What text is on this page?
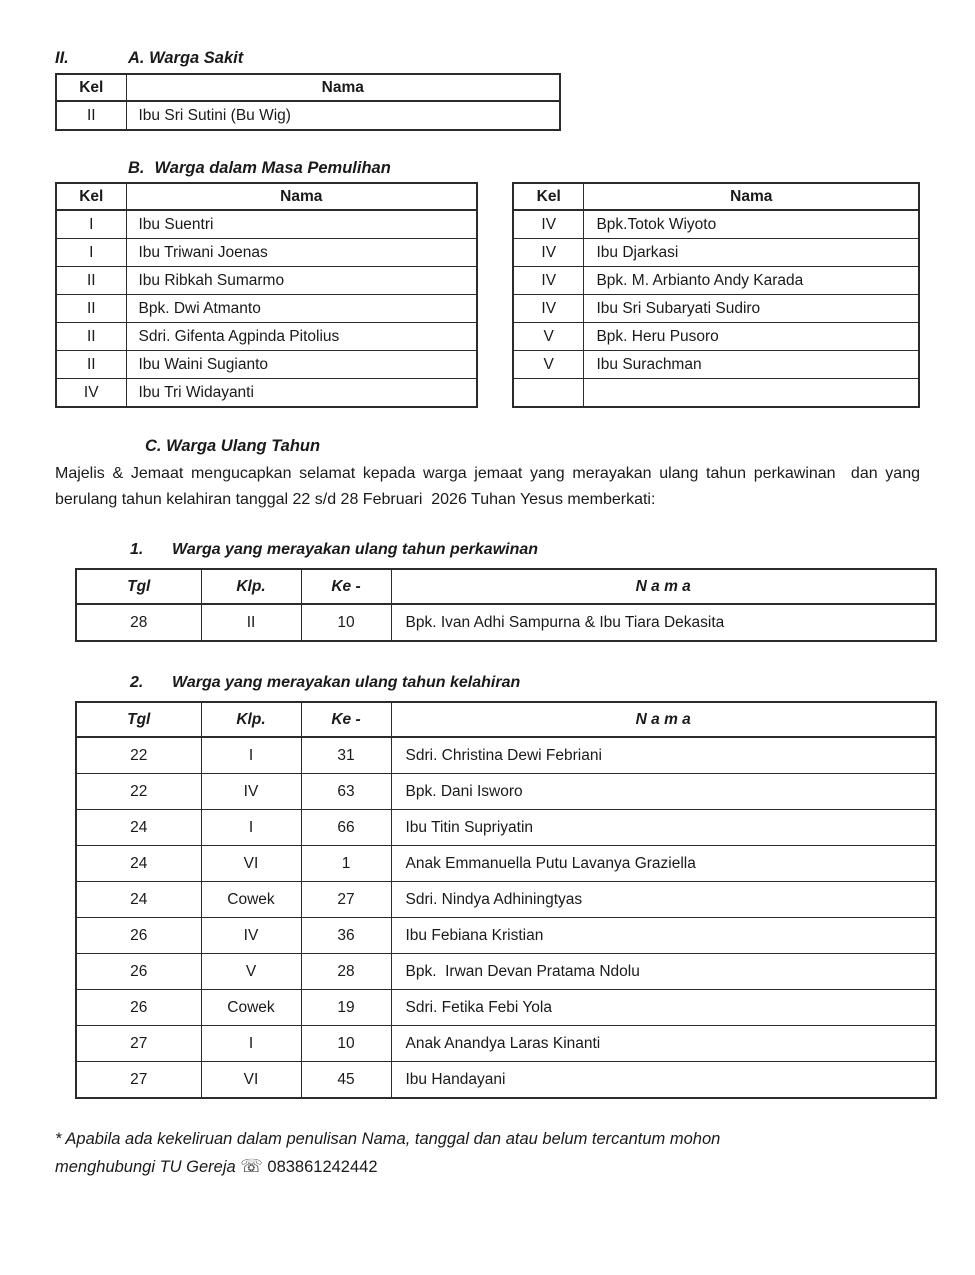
II.	A. Warga Sakit
Kel	Nama
II	Ibu Sri Sutini (Bu Wig)
B. Warga dalam Masa Pemulihan
Kel	Nama
I	Ibu Suentri
I	Ibu Triwani Joenas
II	Ibu Ribkah Sumarmo
II	Bpk. Dwi Atmanto
II	Sdri. Gifenta Agpinda Pitolius
II	Ibu Waini Sugianto
IV	Ibu Tri Widayanti
Kel	Nama
IV	Bpk.Totok Wiyoto
IV	Ibu Djarkasi
IV	Bpk. M. Arbianto Andy Karada
IV	Ibu Sri Subaryati Sudiro
V	Bpk. Heru Pusoro
V	Ibu Surachman

C. Warga Ulang Tahun
Majelis & Jemaat mengucapkan selamat kepada warga jemaat yang merayakan ulang tahun perkawinan  dan yang berulang tahun kelahiran tanggal 22 s/d 28 Februari  2026 Tuhan Yesus memberkati:
1.	Warga yang merayakan ulang tahun perkawinan
Tgl	Klp.	Ke -	N a m a
28	II	10	Bpk. Ivan Adhi Sampurna & Ibu Tiara Dekasita
2.	Warga yang merayakan ulang tahun kelahiran
Tgl	Klp.	Ke -	N a m a
22	I	31	Sdri. Christina Dewi Febriani
22	IV	63	Bpk. Dani Isworo
24	I	66	Ibu Titin Supriyatin
24	VI	1	Anak Emmanuella Putu Lavanya Graziella
24	Cowek	27	Sdri. Nindya Adhiningtyas
26	IV	36	Ibu Febiana Kristian
26	V	28	Bpk.  Irwan Devan Pratama Ndolu
26	Cowek	19	Sdri. Fetika Febi Yola
27	I	10	Anak Anandya Laras Kinanti
27	VI	45	Ibu Handayani
* Apabila ada kekeliruan dalam penulisan Nama, tanggal dan atau belum tercantum mohon
menghubungi TU Gereja ☏ 083861242442
